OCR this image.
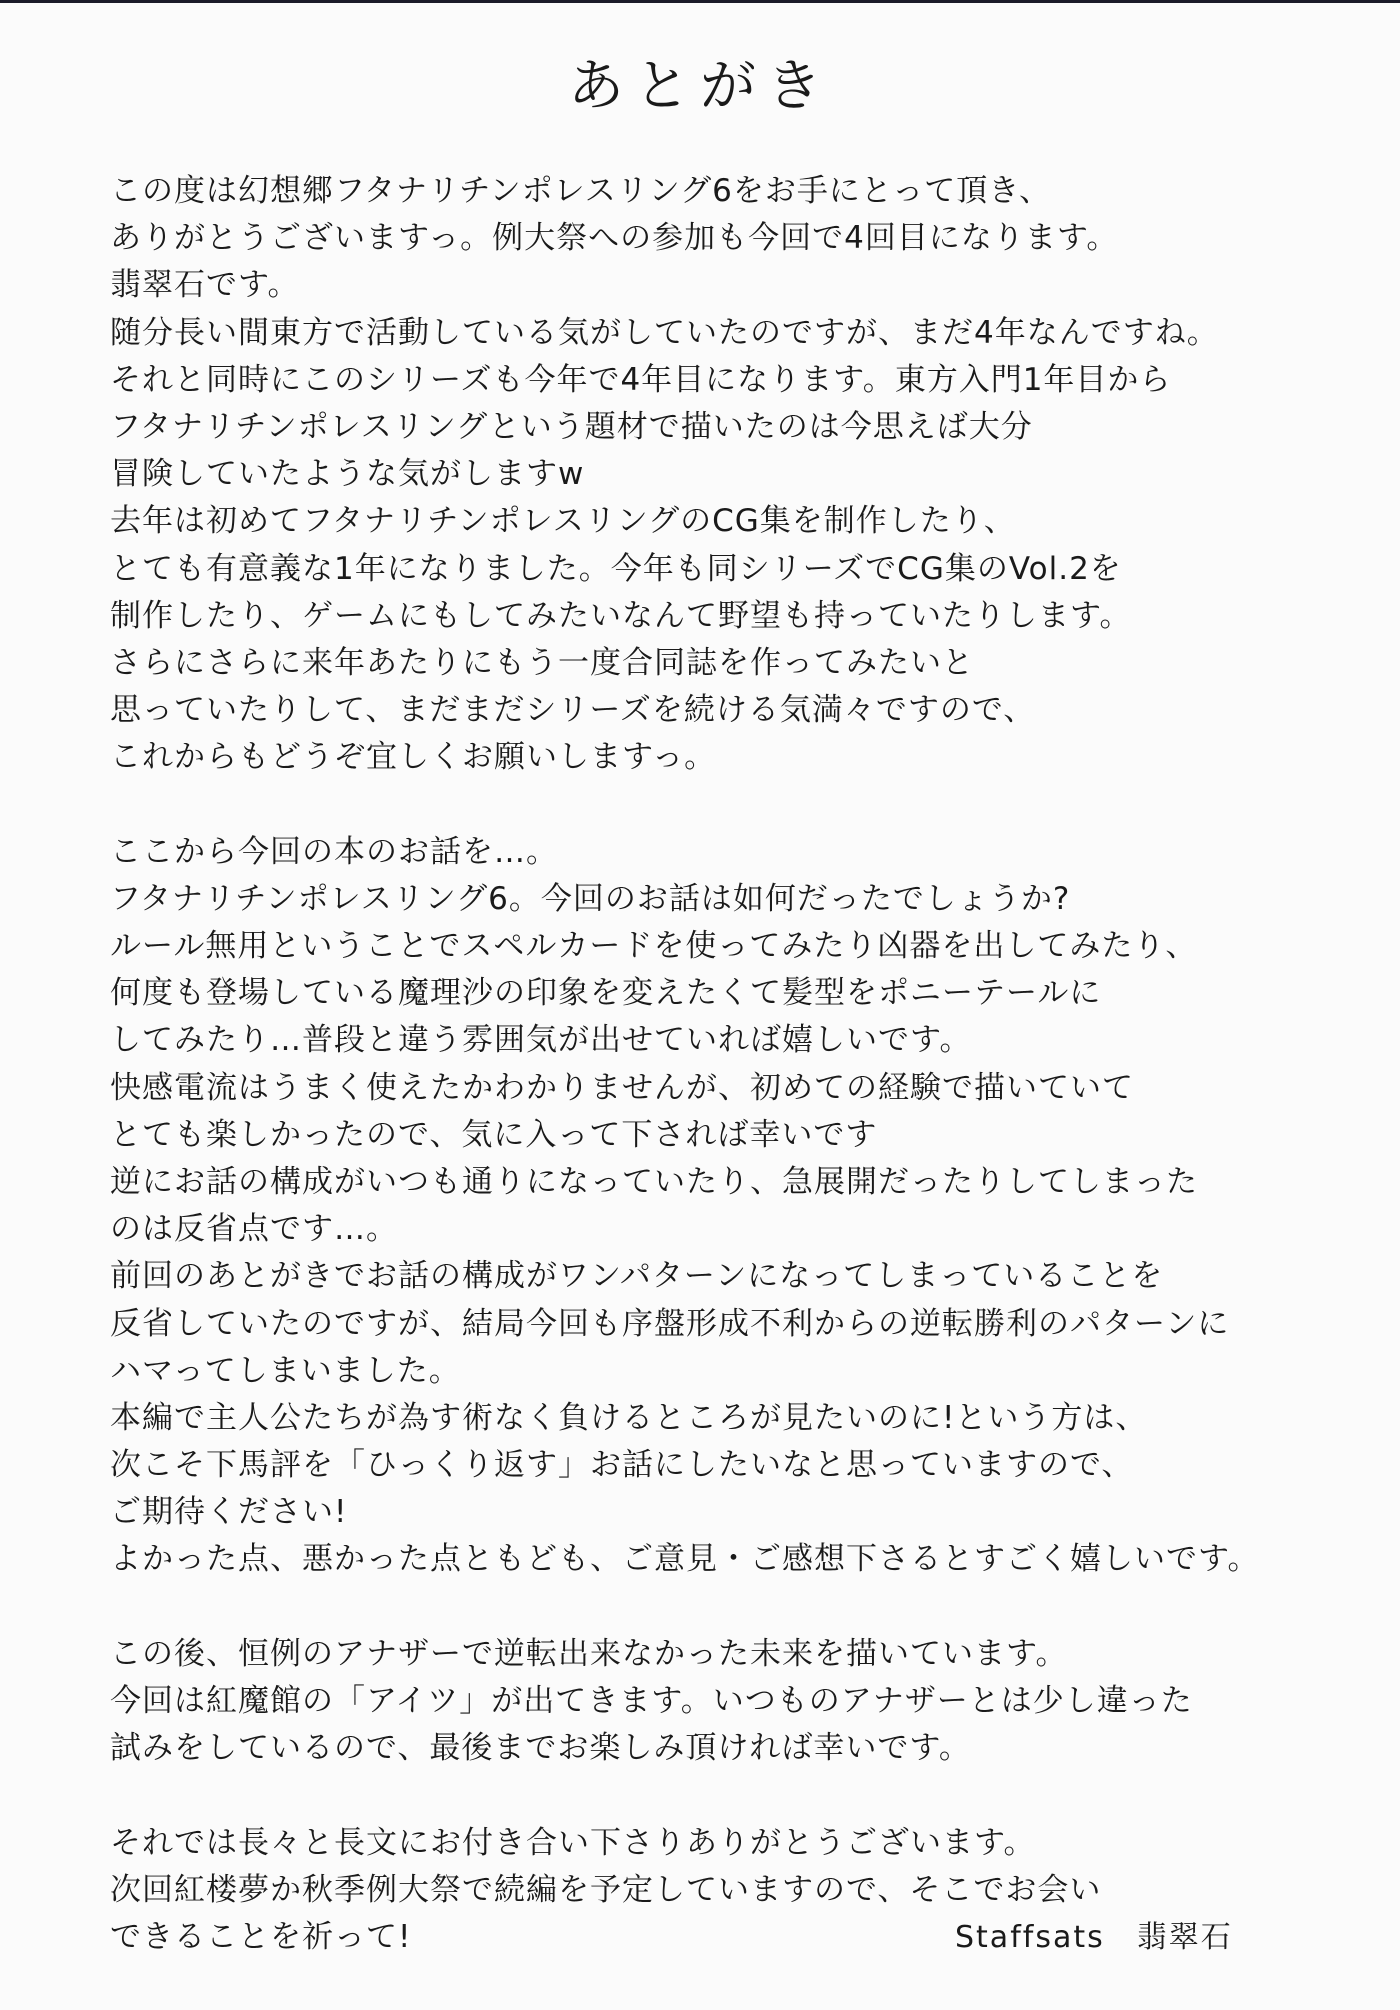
あとがき
この度は幻想郷フタナリチンポレスリング6をお手にとって頂き、
ありがとうございますっ。例大祭への参加も今回で4回目になります。
翡翠石です。
随分長い間東方で活動している気がしていたのですが、まだ4年なんですね。
それと同時にこのシリーズも今年で4年目になります。東方入門1年目から
フタナリチンポレスリングという題材で描いたのは今思えば大分
冒険していたような気がしますw
去年は初めてフタナリチンポレスリングのCG集を制作したり、
とても有意義な1年になりました。今年も同シリーズでCG集のVol.2を
制作したり、ゲームにもしてみたいなんて野望も持っていたりします。
さらにさらに来年あたりにもう一度合同誌を作ってみたいと
思っていたりして、まだまだシリーズを続ける気満々ですので、
これからもどうぞ宜しくお願いしますっ。
ここから今回の本のお話を…。
フタナリチンポレスリング6。今回のお話は如何だったでしょうか?
ルール無用ということでスペルカードを使ってみたり凶器を出してみたり、
何度も登場している魔理沙の印象を変えたくて髪型をポニーテールに
してみたり…普段と違う雰囲気が出せていれば嬉しいです。
快感電流はうまく使えたかわかりませんが、初めての経験で描いていて
とても楽しかったので、気に入って下されば幸いです
逆にお話の構成がいつも通りになっていたり、急展開だったりしてしまった
のは反省点です…。
前回のあとがきでお話の構成がワンパターンになってしまっていることを
反省していたのですが、結局今回も序盤形成不利からの逆転勝利のパターンに
ハマってしまいました。
本編で主人公たちが為す術なく負けるところが見たいのに!という方は、
次こそ下馬評を「ひっくり返す」お話にしたいなと思っていますので、
ご期待ください!
よかった点、悪かった点ともども、ご意見・ご感想下さるとすごく嬉しいです。
この後、恒例のアナザーで逆転出来なかった未来を描いています。
今回は紅魔館の「アイツ」が出てきます。いつものアナザーとは少し違った
試みをしているので、最後までお楽しみ頂ければ幸いです。
それでは長々と長文にお付き合い下さりありがとうございます。
次回紅楼夢か秋季例大祭で続編を予定していますので、そこでお会い
できることを祈って!	Staffsats　翡翠石
